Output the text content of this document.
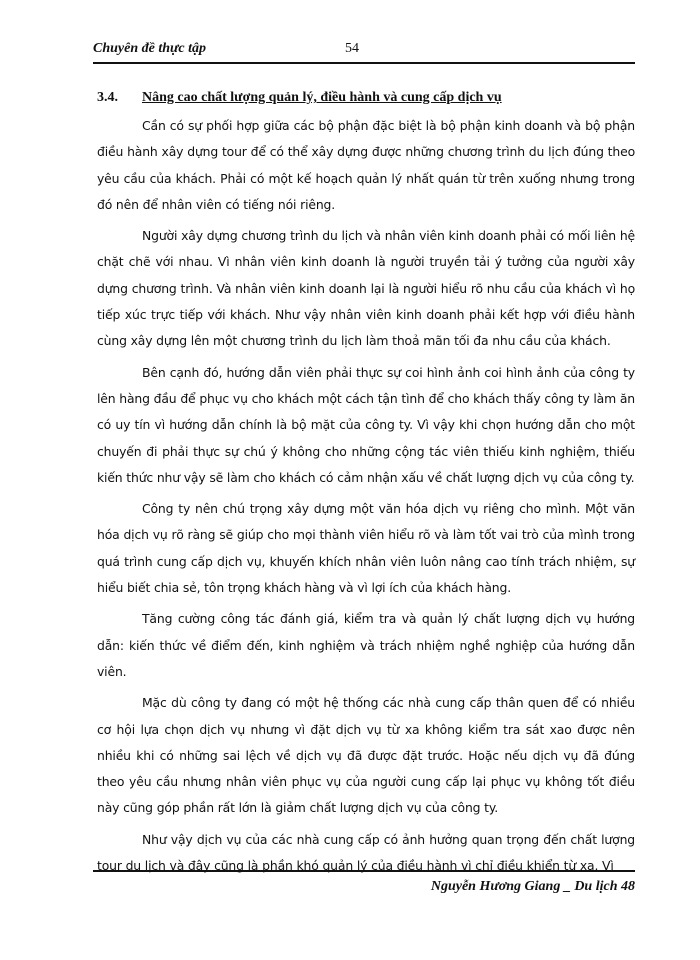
Chuyên đề thực tập	54
3.4. Nâng cao chất lượng quản lý, điều hành và cung cấp dịch vụ

Cần có sự phối hợp giữa các bộ phận đặc biệt là bộ phận kinh doanh và bộ phận điều hành xây dựng tour để có thể xây dựng được những chương trình du lịch đúng theo yêu cầu của khách. Phải có một kế hoạch quản lý nhất quán từ trên xuống nhưng trong đó nên để nhân viên có tiếng nói riêng.

Người xây dựng chương trình du lịch và nhân viên kinh doanh phải có mối liên hệ chặt chẽ với nhau. Vì nhân viên kinh doanh là người truyền tải ý tưởng của người xây dựng chương trình. Và nhân viên kinh doanh lại là người hiểu rõ nhu cầu của khách vì họ tiếp xúc trực tiếp với khách. Như vậy nhân viên kinh doanh phải kết hợp với điều hành cùng xây dựng lên một chương trình du lịch làm thoả mãn tối đa nhu cầu của khách.

Bên cạnh đó, hướng dẫn viên phải thực sự coi hình ảnh coi hình ảnh của công ty lên hàng đầu để phục vụ cho khách một cách tận tình để cho khách thấy công ty làm ăn có uy tín vì hướng dẫn chính là bộ mặt của công ty. Vì vậy khi chọn hướng dẫn cho một chuyến đi phải thực sự chú ý không cho những cộng tác viên thiếu kinh nghiệm, thiếu kiến thức như vậy sẽ làm cho khách có cảm nhận xấu về chất lượng dịch vụ của công ty.

Công ty nên chú trọng xây dựng một văn hóa dịch vụ riêng cho mình. Một văn hóa dịch vụ rõ ràng sẽ giúp cho mọi thành viên hiểu rõ và làm tốt vai trò của mình trong quá trình cung cấp dịch vụ, khuyến khích nhân viên luôn nâng cao tính trách nhiệm, sự hiểu biết chia sẻ, tôn trọng khách hàng và vì lợi ích của khách hàng.

Tăng cường công tác đánh giá, kiểm tra và quản lý chất lượng dịch vụ hướng dẫn: kiến thức về điểm đến, kinh nghiệm và trách nhiệm nghề nghiệp của hướng dẫn viên.

Mặc dù công ty đang có một hệ thống các nhà cung cấp thân quen để có nhiều cơ hội lựa chọn dịch vụ nhưng vì đặt dịch vụ từ xa không kiểm tra sát xao được nên nhiều khi có những sai lệch về dịch vụ đã được đặt trước. Hoặc nếu dịch vụ đã đúng theo yêu cầu nhưng nhân viên phục vụ của người cung cấp lại phục vụ không tốt điều này cũng góp phần rất lớn là giảm chất lượng dịch vụ của công ty.

Như vậy dịch vụ của các nhà cung cấp có ảnh hưởng quan trọng đến chất lượng tour du lịch và đây cũng là phần khó quản lý của điều hành vì chỉ điều khiển từ xa. Vì

Nguyễn Hương Giang _ Du lịch 48
